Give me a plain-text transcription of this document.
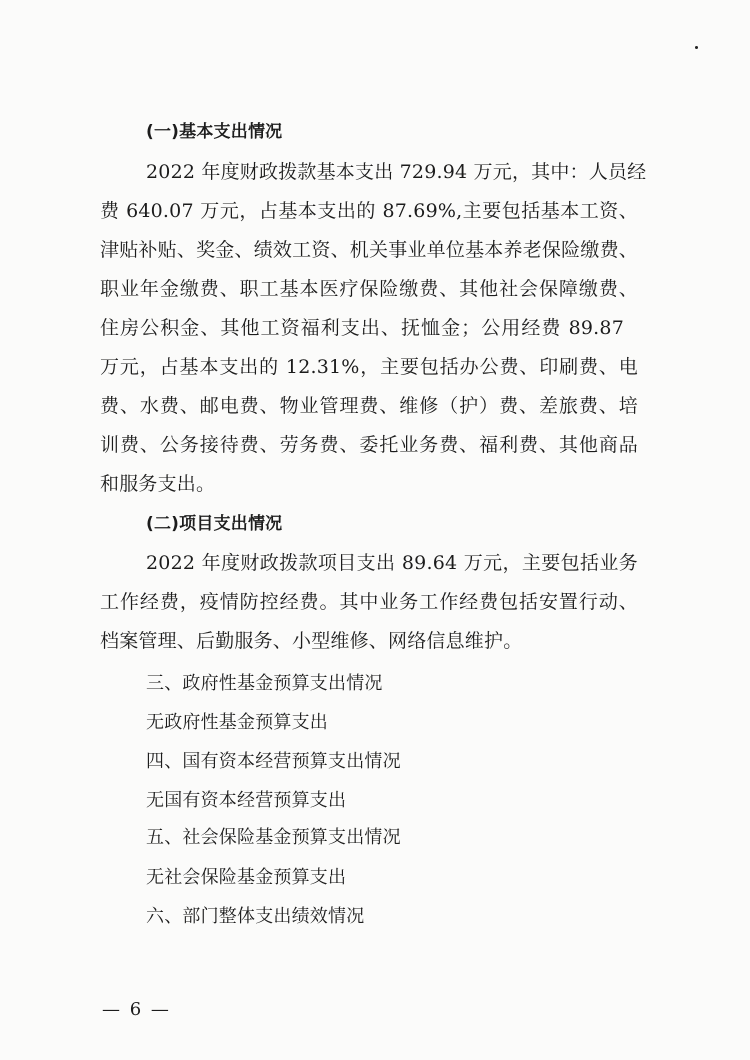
(一)基本支出情况
2022 年度财政拨款基本支出 729.94 万元，其中：人员经
费 640.07 万元，占基本支出的 87.69%,主要包括基本工资、
津贴补贴、奖金、绩效工资、机关事业单位基本养老保险缴费、
职业年金缴费、职工基本医疗保险缴费、其他社会保障缴费、
住房公积金、其他工资福利支出、抚恤金；公用经费 89.87
万元，占基本支出的 12.31%，主要包括办公费、印刷费、电
费、水费、邮电费、物业管理费、维修（护）费、差旅费、培
训费、公务接待费、劳务费、委托业务费、福利费、其他商品
和服务支出。
(二)项目支出情况
2022 年度财政拨款项目支出 89.64 万元，主要包括业务
工作经费，疫情防控经费。其中业务工作经费包括安置行动、
档案管理、后勤服务、小型维修、网络信息维护。
三、政府性基金预算支出情况
无政府性基金预算支出
四、国有资本经营预算支出情况
无国有资本经营预算支出
五、社会保险基金预算支出情况
无社会保险基金预算支出
六、部门整体支出绩效情况
— 6 —
